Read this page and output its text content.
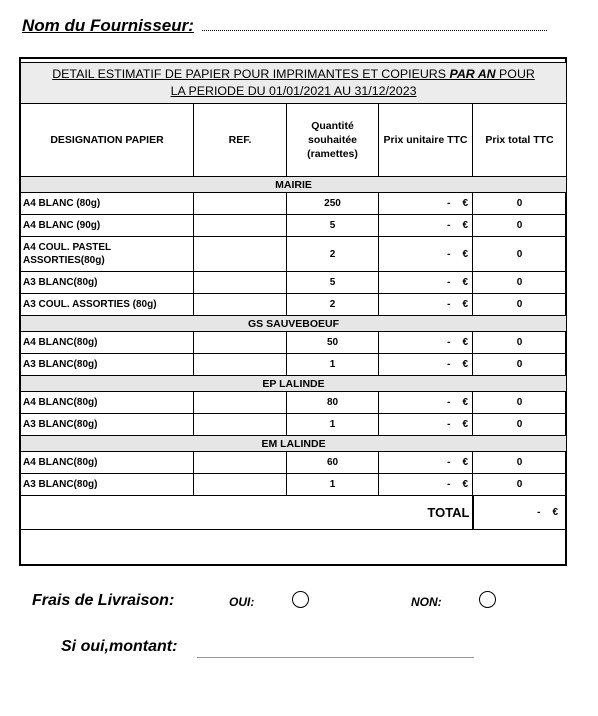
Nom du Fournisseur:
DETAIL ESTIMATIF DE PAPIER POUR IMPRIMANTES ET COPIEURS PAR AN POUR
LA PERIODE DU 01/01/2021 AU 31/12/2023				
DESIGNATION PAPIER	REF.	Quantité souhaitée (ramettes)	Prix unitaire TTC	Prix total TTC
MAIRIE				
A4 BLANC (80g)		250	- €	0
A4 BLANC (90g)		5	- €	0
A4 COUL. PASTEL ASSORTIES(80g)		2	- €	0
A3 BLANC(80g)		5	- €	0
A3 COUL. ASSORTIES (80g)		2	- €	0
GS SAUVEBOEUF				
A4 BLANC(80g)		50	- €	0
A3 BLANC(80g)		1	- €	0
EP LALINDE				
A4 BLANC(80g)		80	- €	0
A3 BLANC(80g)		1	- €	0
EM LALINDE				
A4 BLANC(80g)		60	- €	0
A3 BLANC(80g)		1	- €	0
TOTAL				- €
Frais de Livraison:	OUI:	NON:
Si oui,montant:
